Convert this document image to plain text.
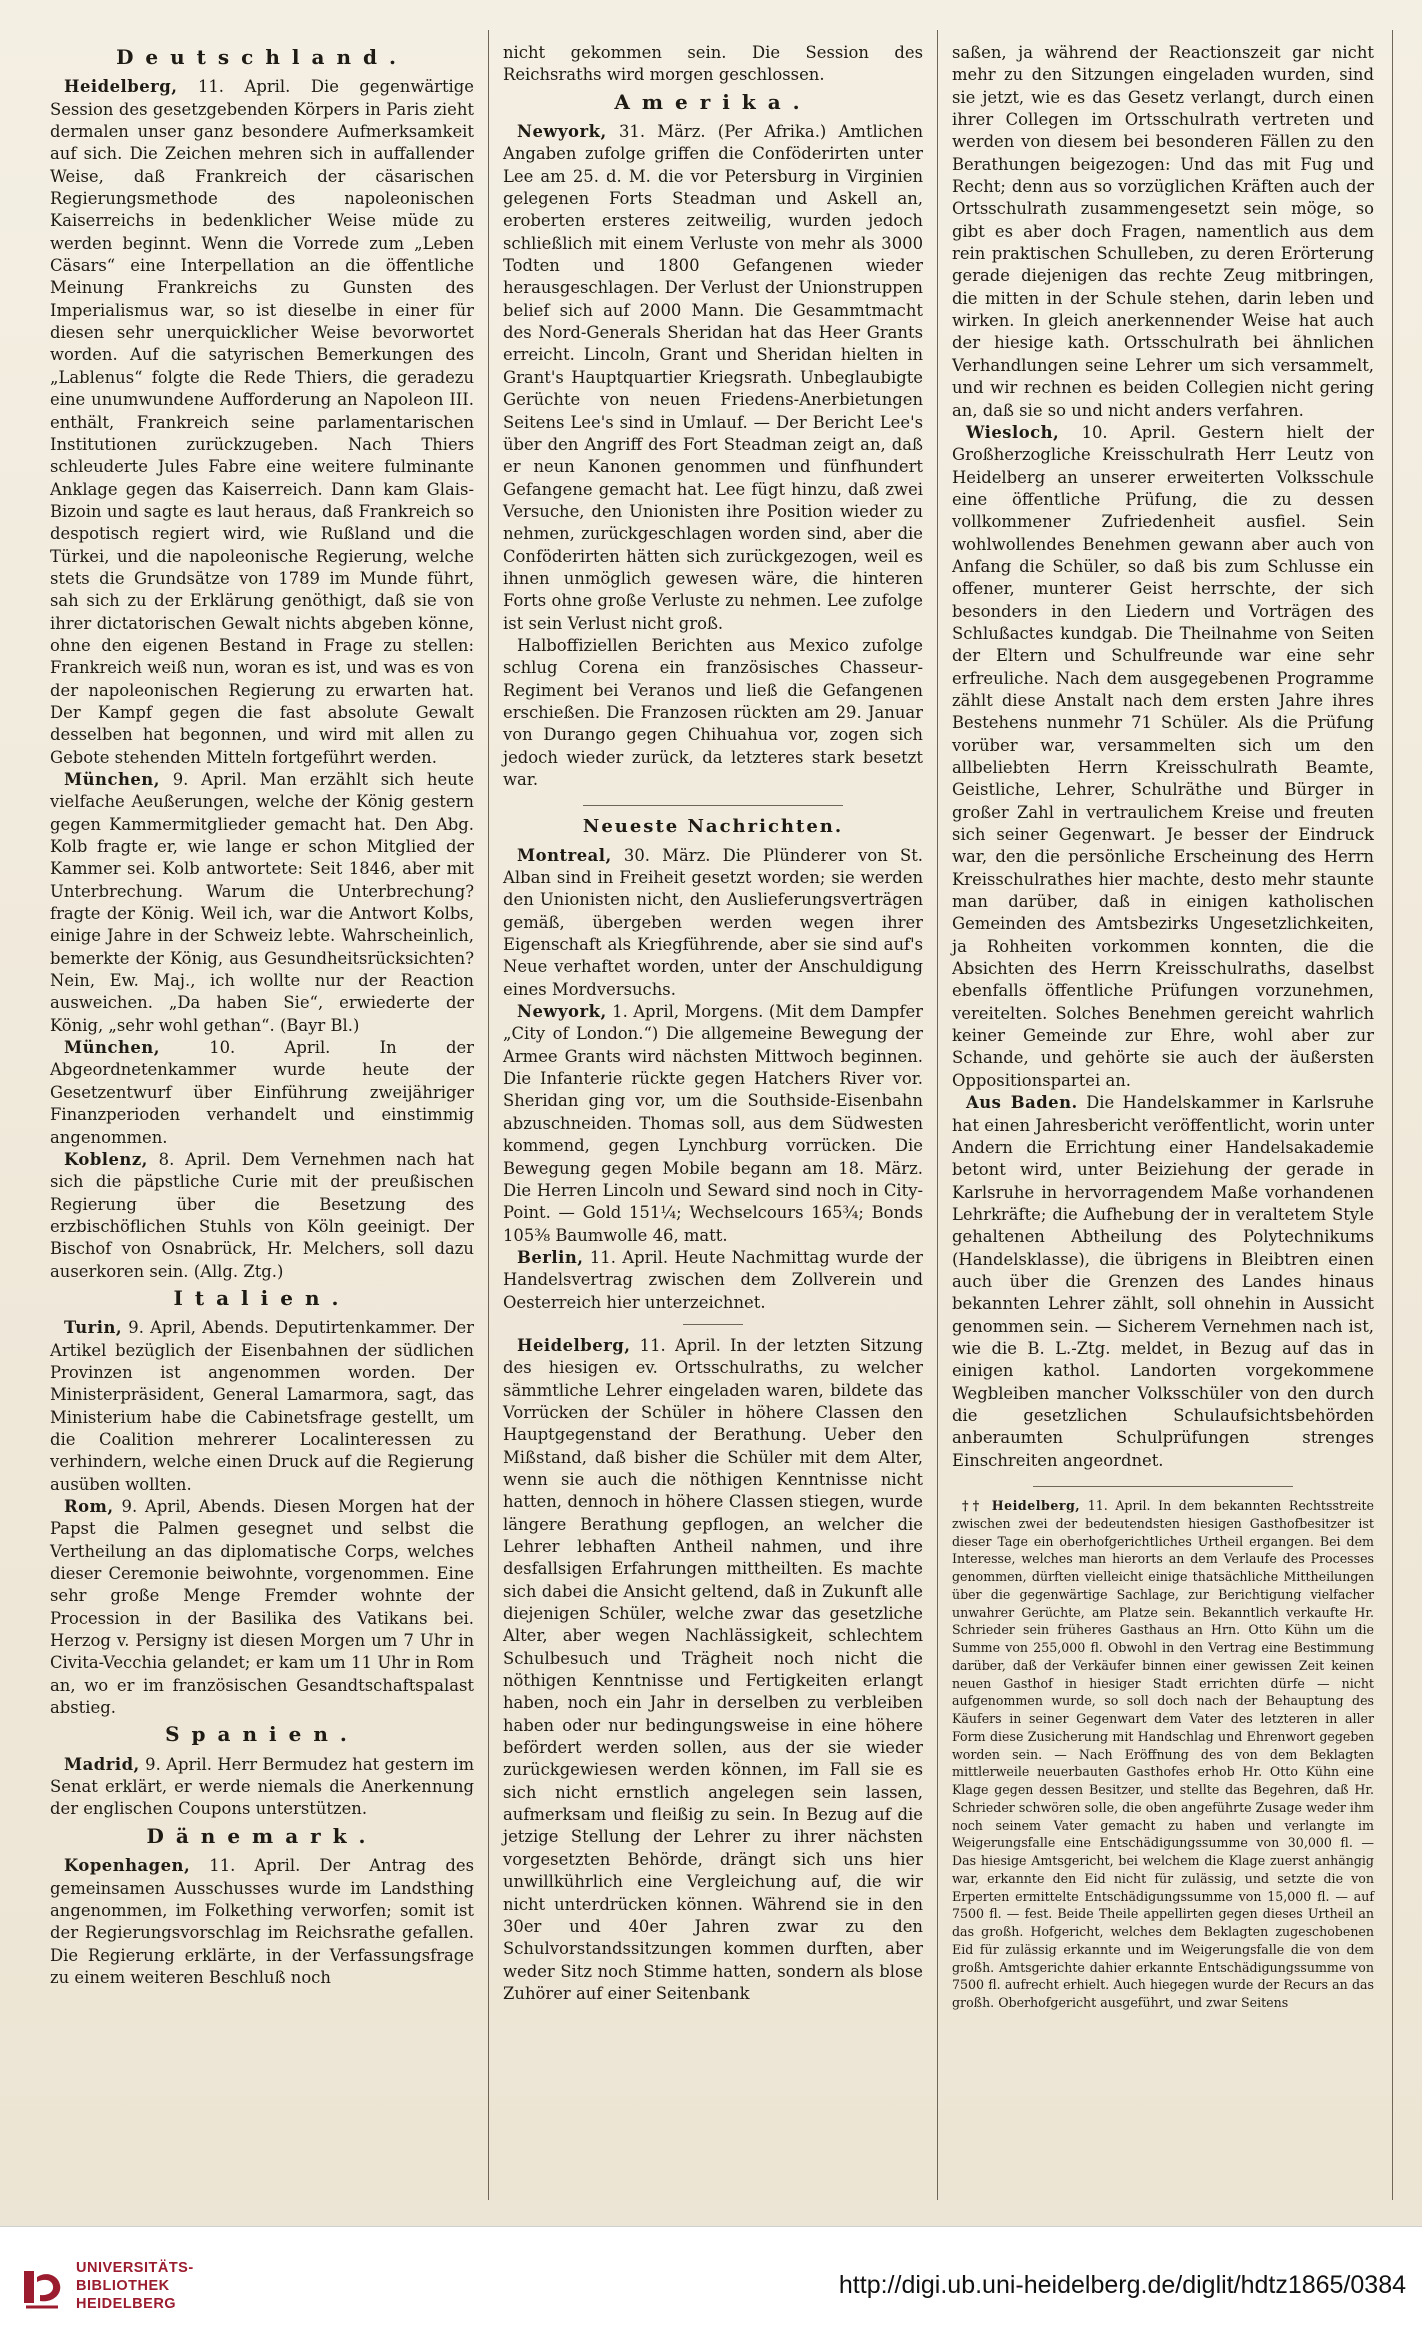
Deutschland.

Heidelberg, 11. April. Die gegenwärtige Session des gesetzgebenden Körpers in Paris zieht dermalen unser ganz besondere Aufmerksamkeit auf sich. Die Zeichen mehren sich in auffallender Weise, daß Frankreich der cäsarischen Regierungsmethode des napoleonischen Kaiserreichs in bedenklicher Weise müde zu werden beginnt. Wenn die Vorrede zum „Leben Cäsars“ eine Interpellation an die öffentliche Meinung Frankreichs zu Gunsten des Imperialismus war, so ist dieselbe in einer für diesen sehr unerquicklicher Weise bevorwortet worden. Auf die satyrischen Bemerkungen des „Lablenus“ folgte die Rede Thiers, die geradezu eine unumwundene Aufforderung an Napoleon III. enthält, Frankreich seine parlamentarischen Institutionen zurückzugeben. Nach Thiers schleuderte Jules Fabre eine weitere fulminante Anklage gegen das Kaiserreich. Dann kam Glais-Bizoin und sagte es laut heraus, daß Frankreich so despotisch regiert wird, wie Rußland und die Türkei, und die napoleonische Regierung, welche stets die Grundsätze von 1789 im Munde führt, sah sich zu der Erklärung genöthigt, daß sie von ihrer dictatorischen Gewalt nichts abgeben könne, ohne den eigenen Bestand in Frage zu stellen: Frankreich weiß nun, woran es ist, und was es von der napoleonischen Regierung zu erwarten hat. Der Kampf gegen die fast absolute Gewalt desselben hat begonnen, und wird mit allen zu Gebote stehenden Mitteln fortgeführt werden.

München, 9. April. Man erzählt sich heute vielfache Aeußerungen, welche der König gestern gegen Kammermitglieder gemacht hat. Den Abg. Kolb fragte er, wie lange er schon Mitglied der Kammer sei. Kolb antwortete: Seit 1846, aber mit Unterbrechung. Warum die Unterbrechung? fragte der König. Weil ich, war die Antwort Kolbs, einige Jahre in der Schweiz lebte. Wahrscheinlich, bemerkte der König, aus Gesundheitsrücksichten? Nein, Ew. Maj., ich wollte nur der Reaction ausweichen. „Da haben Sie“, erwiederte der König, „sehr wohl gethan“. (Bayr Bl.)

München,	10. April. In der Abgeordnetenkammer wurde heute der Gesetzentwurf über Einführung zweijähriger Finanzperioden verhandelt und einstimmig angenommen.

Koblenz, 8. April. Dem Vernehmen nach hat sich die päpstliche Curie mit der preußischen Regierung über die Besetzung des erzbischöflichen Stuhls von Köln geeinigt. Der Bischof von Osnabrück, Hr. Melchers, soll dazu auserkoren sein. (Allg. Ztg.)

Italien.

Turin, 9. April, Abends. Deputirtenkammer. Der Artikel bezüglich der Eisenbahnen der südlichen Provinzen ist angenommen worden. Der Ministerpräsident, General Lamarmora, sagt, das Ministerium habe die Cabinetsfrage gestellt, um die Coalition mehrerer Localinteressen zu verhindern, welche einen Druck auf die Regierung ausüben wollten.

Rom, 9. April, Abends. Diesen Morgen hat der Papst die Palmen gesegnet und selbst die Vertheilung an das diplomatische Corps, welches dieser Ceremonie beiwohnte, vorgenommen. Eine sehr große Menge Fremder wohnte der Procession in der Basilika des Vatikans bei. Herzog v. Persigny ist diesen Morgen um 7 Uhr in Civita-Vecchia gelandet; er kam um 11 Uhr in Rom an, wo er im französischen Gesandtschaftspalast abstieg.

Spanien.

Madrid, 9. April. Herr Bermudez hat gestern im Senat erklärt, er werde niemals die Anerkennung der englischen Coupons unterstützen.

Dänemark.

Kopenhagen, 11. April. Der Antrag des gemeinsamen Ausschusses wurde im Landsthing angenommen, im Folkething verworfen; somit ist der Regierungsvorschlag im Reichsrathe gefallen. Die Regierung erklärte, in der Verfassungsfrage zu einem weiteren Beschluß noch

nicht gekommen sein. Die Session des Reichsraths wird morgen geschlossen.

Amerika.

Newyork, 31. März. (Per Afrika.) Amtlichen Angaben zufolge griffen die Conföderirten unter Lee am 25. d. M. die vor Petersburg in Virginien gelegenen Forts Steadman und Askell an, eroberten ersteres zeitweilig, wurden jedoch schließlich mit einem Verluste von mehr als 3000 Todten und 1800 Gefangenen wieder herausgeschlagen. Der Verlust der Unionstruppen belief sich auf 2000 Mann. Die Gesammtmacht des Nord-Generals Sheridan hat das Heer Grants erreicht. Lincoln, Grant und Sheridan hielten in Grant's Hauptquartier Kriegsrath. Unbeglaubigte Gerüchte von neuen Friedens-Anerbietungen Seitens Lee's sind in Umlauf. — Der Bericht Lee's über den Angriff des Fort Steadman zeigt an, daß er neun Kanonen genommen und fünfhundert Gefangene gemacht hat. Lee fügt hinzu, daß zwei Versuche, den Unionisten ihre Position wieder zu nehmen, zurückgeschlagen worden sind, aber die Conföderirten hätten sich zurückgezogen, weil es ihnen unmöglich gewesen wäre, die hinteren Forts ohne große Verluste zu nehmen. Lee zufolge ist sein Verlust nicht groß.

Halboffiziellen Berichten aus Mexico zufolge schlug Corena ein französisches Chasseur-Regiment bei Veranos und ließ die Gefangenen erschießen. Die Franzosen rückten am 29. Januar von Durango gegen Chihuahua vor, zogen sich jedoch wieder zurück, da letzteres stark besetzt war.

Neueste Nachrichten.

Montreal, 30. März. Die Plünderer von St. Alban sind in Freiheit gesetzt worden; sie werden den Unionisten nicht, den Auslieferungsverträgen gemäß, übergeben werden wegen ihrer Eigenschaft als Kriegführende, aber sie sind auf's Neue verhaftet worden, unter der Anschuldigung eines Mordversuchs.

Newyork, 1. April, Morgens. (Mit dem Dampfer „City of London.“) Die allgemeine Bewegung der Armee Grants wird nächsten Mittwoch beginnen. Die Infanterie rückte gegen Hatchers River vor. Sheridan ging vor, um die Southside-Eisenbahn abzuschneiden. Thomas soll, aus dem Südwesten kommend, gegen Lynchburg vorrücken. Die Bewegung gegen Mobile begann am 18. März. Die Herren Lincoln und Seward sind noch in City-Point. — Gold 151¼; Wechselcours 165¾; Bonds 105⅜ Baumwolle 46, matt.

Berlin, 11. April. Heute Nachmittag wurde der Handelsvertrag zwischen dem Zollverein und Oesterreich hier unterzeichnet.

Heidelberg, 11. April. In der letzten Sitzung des hiesigen ev. Ortsschulraths, zu welcher sämmtliche Lehrer eingeladen waren, bildete das Vorrücken der Schüler in höhere Classen den Hauptgegenstand der Berathung. Ueber den Mißstand, daß bisher die Schüler mit dem Alter, wenn sie auch die nöthigen Kenntnisse nicht hatten, dennoch in höhere Classen stiegen, wurde längere Berathung gepflogen, an welcher die Lehrer lebhaften Antheil nahmen, und ihre desfallsigen Erfahrungen mittheilten. Es machte sich dabei die Ansicht geltend, daß in Zukunft alle diejenigen Schüler, welche zwar das gesetzliche Alter, aber wegen Nachlässigkeit, schlechtem Schulbesuch und Trägheit noch nicht die nöthigen Kenntnisse und Fertigkeiten erlangt haben, noch ein Jahr in derselben zu verbleiben haben oder nur bedingungsweise in eine höhere befördert werden sollen, aus der sie wieder zurückgewiesen werden können, im Fall sie es sich nicht ernstlich angelegen sein lassen, aufmerksam und fleißig zu sein. In Bezug auf die jetzige Stellung der Lehrer zu ihrer nächsten vorgesetzten Behörde, drängt sich uns hier unwillkührlich eine Vergleichung auf, die wir nicht unterdrücken können. Während sie in den 30er und 40er Jahren zwar zu den Schulvorstandssitzungen kommen durften, aber weder Sitz noch Stimme hatten, sondern als blose Zuhörer auf einer Seitenbank

saßen, ja während der Reactionszeit gar nicht mehr zu den Sitzungen eingeladen wurden, sind sie jetzt, wie es das Gesetz verlangt, durch einen ihrer Collegen im Ortsschulrath vertreten und werden von diesem bei besonderen Fällen zu den Berathungen beigezogen: Und das mit Fug und Recht; denn aus so vorzüglichen Kräften auch der Ortsschulrath zusammengesetzt sein möge, so gibt es aber doch Fragen, namentlich aus dem rein praktischen Schulleben, zu deren Erörterung gerade diejenigen das rechte Zeug mitbringen, die mitten in der Schule stehen, darin leben und wirken. In gleich anerkennender Weise hat auch der hiesige kath. Ortsschulrath bei ähnlichen Verhandlungen seine Lehrer um sich versammelt, und wir rechnen es beiden Collegien nicht gering an, daß sie so und nicht anders verfahren.

Wiesloch, 10. April. Gestern hielt der Großherzogliche Kreisschulrath Herr Leutz von Heidelberg an unserer erweiterten Volksschule eine öffentliche Prüfung, die zu dessen vollkommener Zufriedenheit ausfiel. Sein wohlwollendes Benehmen gewann aber auch von Anfang die Schüler, so daß bis zum Schlusse ein offener, munterer Geist herrschte, der sich besonders in den Liedern und Vorträgen des Schlußactes kundgab. Die Theilnahme von Seiten der Eltern und Schulfreunde war eine sehr erfreuliche. Nach dem ausgegebenen Programme zählt diese Anstalt nach dem ersten Jahre ihres Bestehens nunmehr 71 Schüler. Als die Prüfung vorüber war, versammelten sich um den allbeliebten Herrn Kreisschulrath Beamte, Geistliche, Lehrer, Schulräthe und Bürger in großer Zahl in vertraulichem Kreise und freuten sich seiner Gegenwart. Je besser der Eindruck war, den die persönliche Erscheinung des Herrn Kreisschulrathes hier machte, desto mehr staunte man darüber, daß in einigen katholischen Gemeinden des Amtsbezirks Ungesetzlichkeiten, ja Rohheiten vorkommen konnten, die die Absichten des Herrn Kreisschulraths, daselbst ebenfalls öffentliche Prüfungen vorzunehmen, vereitelten. Solches Benehmen gereicht wahrlich keiner Gemeinde zur Ehre, wohl aber zur Schande, und gehörte sie auch der äußersten Oppositionspartei an.

Aus Baden. Die Handelskammer in Karlsruhe hat einen Jahresbericht veröffentlicht, worin unter Andern die Errichtung einer Handelsakademie betont wird, unter Beiziehung der gerade in Karlsruhe in hervorragendem Maße vorhandenen Lehrkräfte; die Aufhebung der in veraltetem Style gehaltenen Abtheilung des Polytechnikums (Handelsklasse), die übrigens in Bleibtren einen auch über die Grenzen des Landes hinaus bekannten Lehrer zählt, soll ohnehin in Aussicht genommen sein. — Sicherem Vernehmen nach ist, wie die B. L.-Ztg. meldet, in Bezug auf das in einigen kathol. Landorten vorgekommene Wegbleiben mancher Volksschüler von den durch die gesetzlichen Schulaufsichtsbehörden anberaumten Schulprüfungen strenges Einschreiten angeordnet.

†† Heidelberg, 11. April. In dem bekannten Rechtsstreite zwischen zwei der bedeutendsten hiesigen Gasthofbesitzer ist dieser Tage ein oberhofgerichtliches Urtheil ergangen. Bei dem Interesse, welches man hierorts an dem Verlaufe des Processes genommen, dürften vielleicht einige thatsächliche Mittheilungen über die gegenwärtige Sachlage, zur Berichtigung vielfacher unwahrer Gerüchte, am Platze sein. Bekanntlich verkaufte Hr. Schrieder sein früheres Gasthaus an Hrn. Otto Kühn um die Summe von 255,000 fl. Obwohl in den Vertrag eine Bestimmung darüber, daß der Verkäufer binnen einer gewissen Zeit keinen neuen Gasthof in hiesiger Stadt errichten dürfe — nicht aufgenommen wurde, so soll doch nach der Behauptung des Käufers in seiner Gegenwart dem Vater des letzteren in aller Form diese Zusicherung mit Handschlag und Ehrenwort gegeben worden sein. — Nach Eröffnung des von dem Beklagten mittlerweile neuerbauten Gasthofes erhob Hr. Otto Kühn eine Klage gegen dessen Besitzer, und stellte das Begehren, daß Hr. Schrieder schwören solle, die oben angeführte Zusage weder ihm noch seinem Vater gemacht zu haben und verlangte im Weigerungsfalle eine Entschädigungssumme von 30,000 fl. — Das hiesige Amtsgericht, bei welchem die Klage zuerst anhängig war, erkannte den Eid nicht für zulässig, und setzte die von Erperten ermittelte Entschädigungssumme von 15,000 fl. — auf 7500 fl. — fest. Beide Theile appellirten gegen dieses Urtheil an das großh. Hofgericht, welches dem Beklagten zugeschobenen Eid für zulässig erkannte und im Weigerungsfalle die von dem großh. Amtsgerichte dahier erkannte Entschädigungssumme von 7500 fl. aufrecht erhielt. Auch hiegegen wurde der Recurs an das großh. Oberhofgericht ausgeführt, und zwar Seitens

UNIVERSITÄTS-
BIBLIOTHEK
HEIDELBERG
http://digi.ub.uni-heidelberg.de/diglit/hdtz1865/0384
